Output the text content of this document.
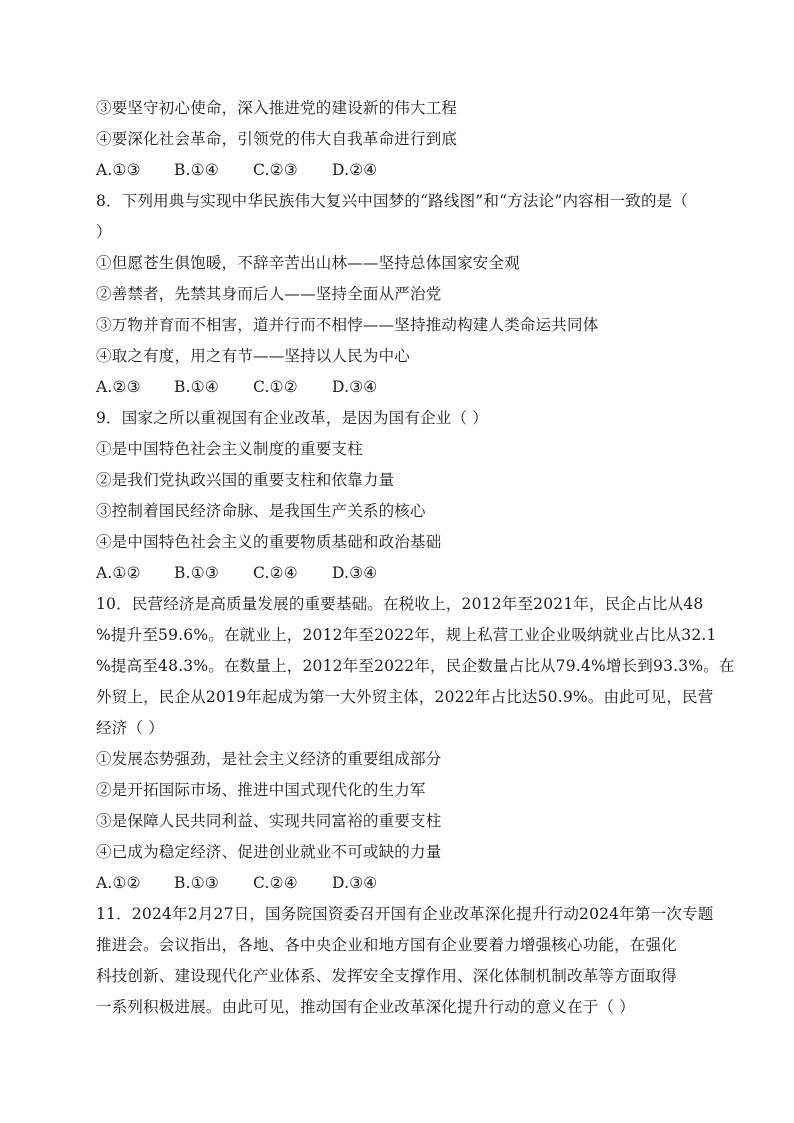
③要坚守初心使命，深入推进党的建设新的伟大工程
④要深化社会革命，引领党的伟大自我革命进行到底
A.①③	B.①④	C.②③	D.②④
8．下列用典与实现中华民族伟大复兴中国梦的“路线图”和“方法论”内容相一致的是（
）
①但愿苍生俱饱暖，不辞辛苦出山林——坚持总体国家安全观
②善禁者，先禁其身而后人——坚持全面从严治党
③万物并育而不相害，道并行而不相悖——坚持推动构建人类命运共同体
④取之有度，用之有节——坚持以人民为中心
A.②③	B.①④	C.①②	D.③④
9．国家之所以重视国有企业改革，是因为国有企业（ ）
①是中国特色社会主义制度的重要支柱
②是我们党执政兴国的重要支柱和依靠力量
③控制着国民经济命脉、是我国生产关系的核心
④是中国特色社会主义的重要物质基础和政治基础
A.①②	B.①③	C.②④	D.③④
10．民营经济是高质量发展的重要基础。在税收上，2012年至2021年，民企占比从48
%提升至59.6%。在就业上，2012年至2022年，规上私营工业企业吸纳就业占比从32.1
%提高至48.3%。在数量上，2012年至2022年，民企数量占比从79.4%增长到93.3%。在
外贸上，民企从2019年起成为第一大外贸主体，2022年占比达50.9%。由此可见，民营
经济（ ）
①发展态势强劲，是社会主义经济的重要组成部分
②是开拓国际市场、推进中国式现代化的生力军
③是保障人民共同利益、实现共同富裕的重要支柱
④已成为稳定经济、促进创业就业不可或缺的力量
A.①②	B.①③	C.②④	D.③④
11．2024年2月27日，国务院国资委召开国有企业改革深化提升行动2024年第一次专题
推进会。会议指出，各地、各中央企业和地方国有企业要着力增强核心功能，在强化
科技创新、建设现代化产业体系、发挥安全支撑作用、深化体制机制改革等方面取得
一系列积极进展。由此可见，推动国有企业改革深化提升行动的意义在于（ ）
